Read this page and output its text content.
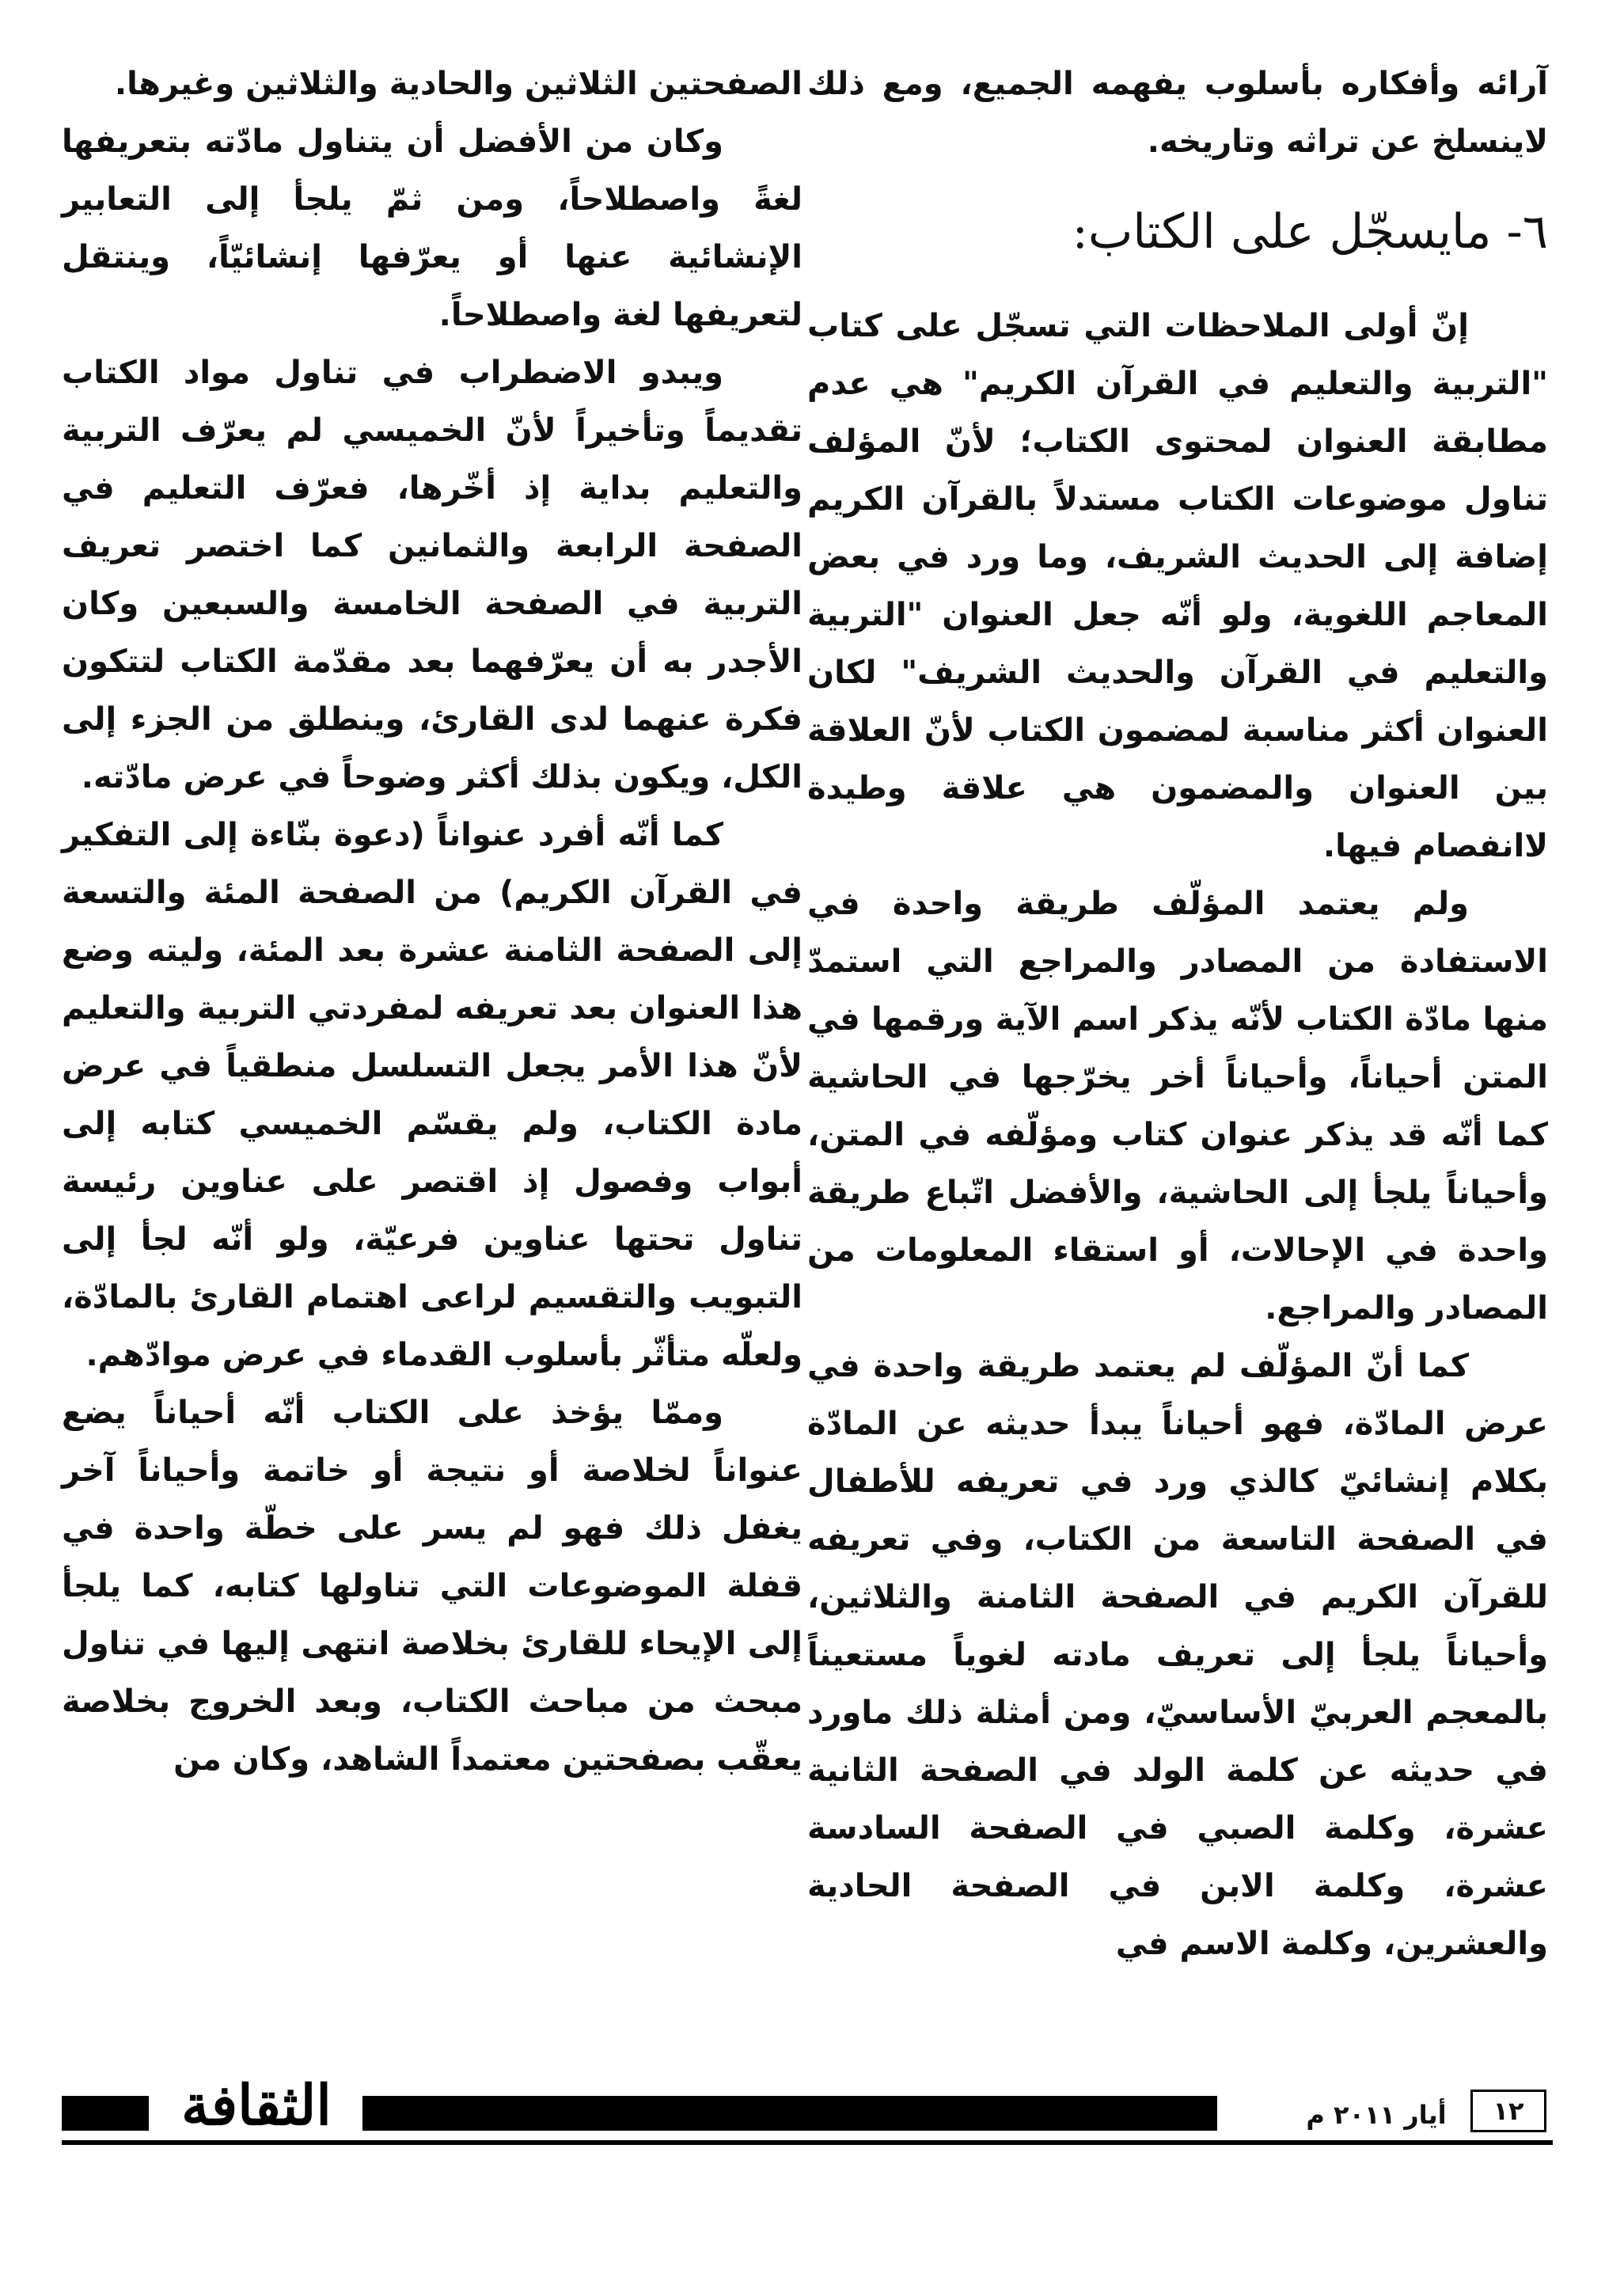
آرائه وأفكاره بأسلوب يفهمه الجميع، ومع ذلك لاينسلخ عن تراثه وتاريخه.

٦- مايسجّل على الكتاب:

إنّ أولى الملاحظات التي تسجّل على كتاب "التربية والتعليم في القرآن الكريم" هي عدم مطابقة العنوان لمحتوى الكتاب؛ لأنّ المؤلف تناول موضوعات الكتاب مستدلاً بالقرآن الكريم إضافة إلى الحديث الشريف، وما ورد في بعض المعاجم اللغوية، ولو أنّه جعل العنوان "التربية والتعليم في القرآن والحديث الشريف" لكان العنوان أكثر مناسبة لمضمون الكتاب لأنّ العلاقة بين العنوان والمضمون هي علاقة وطيدة لاانفصام فيها.

ولم يعتمد المؤلّف طريقة واحدة في الاستفادة من المصادر والمراجع التي استمدّ منها مادّة الكتاب لأنّه يذكر اسم الآية ورقمها في المتن أحياناً، وأحياناً أخر يخرّجها في الحاشية كما أنّه قد يذكر عنوان كتاب ومؤلّفه في المتن، وأحياناً يلجأ إلى الحاشية، والأفضل اتّباع طريقة واحدة في الإحالات، أو استقاء المعلومات من المصادر والمراجع.

كما أنّ المؤلّف لم يعتمد طريقة واحدة في عرض المادّة، فهو أحياناً يبدأ حديثه عن المادّة بكلام إنشائيّ كالذي ورد في تعريفه للأطفال في الصفحة التاسعة من الكتاب، وفي تعريفه للقرآن الكريم في الصفحة الثامنة والثلاثين، وأحياناً يلجأ إلى تعريف مادته لغوياً مستعيناً بالمعجم العربيّ الأساسيّ، ومن أمثلة ذلك ماورد في حديثه عن كلمة الولد في الصفحة الثانية عشرة، وكلمة الصبي في الصفحة السادسة عشرة، وكلمة الابن في الصفحة الحادية والعشرين، وكلمة الاسم في

الصفحتين الثلاثين والحادية والثلاثين وغيرها.

وكان من الأفضل أن يتناول مادّته بتعريفها لغةً واصطلاحاً، ومن ثمّ يلجأ إلى التعابير الإنشائية عنها أو يعرّفها إنشائيّاً، وينتقل لتعريفها لغة واصطلاحاً.

ويبدو الاضطراب في تناول مواد الكتاب تقديماً وتأخيراً لأنّ الخميسي لم يعرّف التربية والتعليم بداية إذ أخّرها، فعرّف التعليم في الصفحة الرابعة والثمانين كما اختصر تعريف التربية في الصفحة الخامسة والسبعين وكان الأجدر به أن يعرّفهما بعد مقدّمة الكتاب لتتكون فكرة عنهما لدى القارئ، وينطلق من الجزء إلى الكل، ويكون بذلك أكثر وضوحاً في عرض مادّته.

كما أنّه أفرد عنواناً (دعوة بنّاءة إلى التفكير في القرآن الكريم) من الصفحة المئة والتسعة إلى الصفحة الثامنة عشرة بعد المئة، وليته وضع هذا العنوان بعد تعريفه لمفردتي التربية والتعليم لأنّ هذا الأمر يجعل التسلسل منطقياً في عرض مادة الكتاب، ولم يقسّم الخميسي كتابه إلى أبواب وفصول إذ اقتصر على عناوين رئيسة تناول تحتها عناوين فرعيّة، ولو أنّه لجأ إلى التبويب والتقسيم لراعى اهتمام القارئ بالمادّة، ولعلّه متأثّر بأسلوب القدماء في عرض موادّهم.

وممّا يؤخذ على الكتاب أنّه أحياناً يضع عنواناً لخلاصة أو نتيجة أو خاتمة وأحياناً آخر يغفل ذلك فهو لم يسر على خطّة واحدة في قفلة الموضوعات التي تناولها كتابه، كما يلجأ إلى الإيحاء للقارئ بخلاصة انتهى إليها في تناول مبحث من مباحث الكتاب، وبعد الخروج بخلاصة يعقّب بصفحتين معتمداً الشاهد، وكان من

الثقافة	أيار ٢٠١١ م	١٢
